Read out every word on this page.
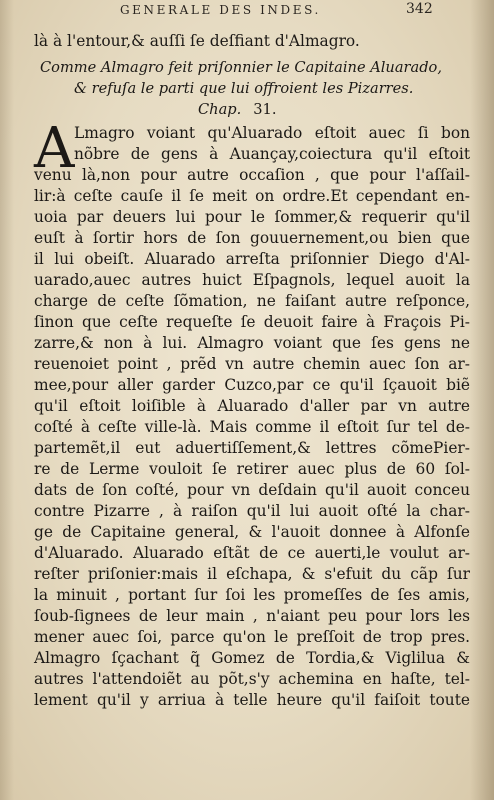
GENERALE DES INDES.	342
là à l'entour,& auſſi ſe deſfiant d'Almagro.
Comme Almagro feit priſonnier le Capitaine Aluarado,
& refuſa le parti que lui offroient les Pizarres.
Chap. 31.
A Lmagro voiant qu'Aluarado eſtoit auec ſi bon
nõbre de gens à Auançay,coiectura qu'il eſtoit
venu là,non pour autre occaſion , que pour l'aſſail-
lir:à ceſte cauſe il ſe meit on ordre.Et cependant en-
uoia par deuers lui pour le ſommer,& requerir qu'il
euſt à ſortir hors de ſon gouuernement,ou bien que
il lui obeiſt. Aluarado arreſta priſonnier Diego d'Al-
uarado,auec autres huict Eſpagnols, lequel auoit la
charge de ceſte ſõmation, ne faiſant autre reſponce,
ſinon que ceſte requeſte ſe deuoit faire à Fraçois Pi-
zarre,& non à lui. Almagro voiant que ſes gens ne
reuenoiet point , prẽd vn autre chemin auec ſon ar-
mee,pour aller garder Cuzco,par ce qu'il ſçauoit biẽ
qu'il eſtoit loiſible à Aluarado d'aller par vn autre
coſté à ceſte ville-là. Mais comme il eſtoit ſur tel de-
partemẽt,il eut aduertiſſement,& lettres cõmePier-
re de Lerme vouloit ſe retirer auec plus de 60 ſol-
dats de ſon coſté, pour vn deſdain qu'il auoit conceu
contre Pizarre , à raiſon qu'il lui auoit oſté la char-
ge de Capitaine general, & l'auoit donnee à Alfonſe
d'Aluarado. Aluarado eſtãt de ce auerti,le voulut ar-
reſter priſonier:mais il eſchapa, & s'efuit du cãp ſur
la minuit , portant ſur ſoi les promeſſes de ſes amis,
ſoub-ſignees de leur main , n'aiant peu pour lors les
mener auec ſoi, parce qu'on le preſſoit de trop pres.
Almagro ſçachant q̃ Gomez de Tordia,& Viglilua &
autres l'attendoiẽt au põt,s'y achemina en haſte, tel-
lement qu'il y arriua à telle heure qu'il faiſoit toute
